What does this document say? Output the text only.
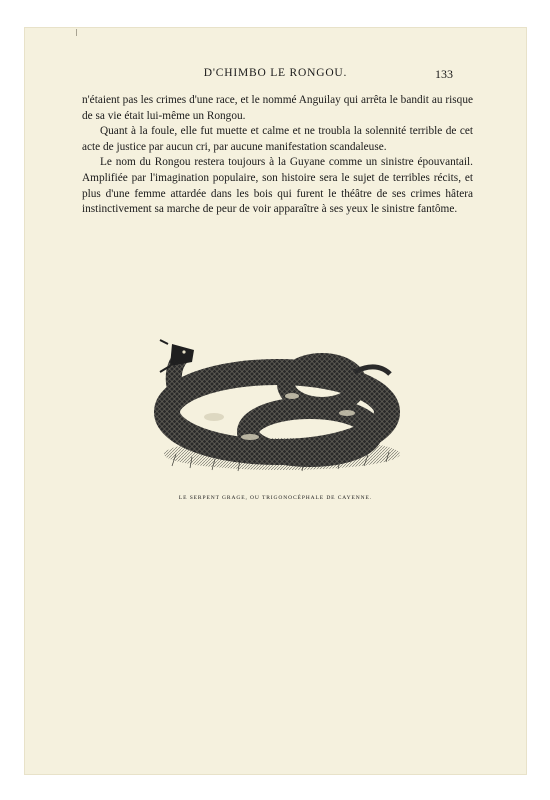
D'CHIMBO LE RONGOU.	133

n'étaient pas les crimes d'une race, et le nommé Anguilay qui arrêta le bandit au risque de sa vie était lui-même un Rongou.

Quant à la foule, elle fut muette et calme et ne troubla la solennité terrible de cet acte de justice par aucun cri, par aucune manifestation scandaleuse.

Le nom du Rongou restera toujours à la Guyane comme un sinistre épouvantail. Amplifiée par l'imagination populaire, son histoire sera le sujet de terribles récits, et plus d'une femme attardée dans les bois qui furent le théâtre de ses crimes hâtera instinctivement sa marche de peur de voir apparaître à ses yeux le sinistre fantôme.

LE SERPENT GRAGE, OU TRIGONOCÉPHALE DE CAYENNE.
